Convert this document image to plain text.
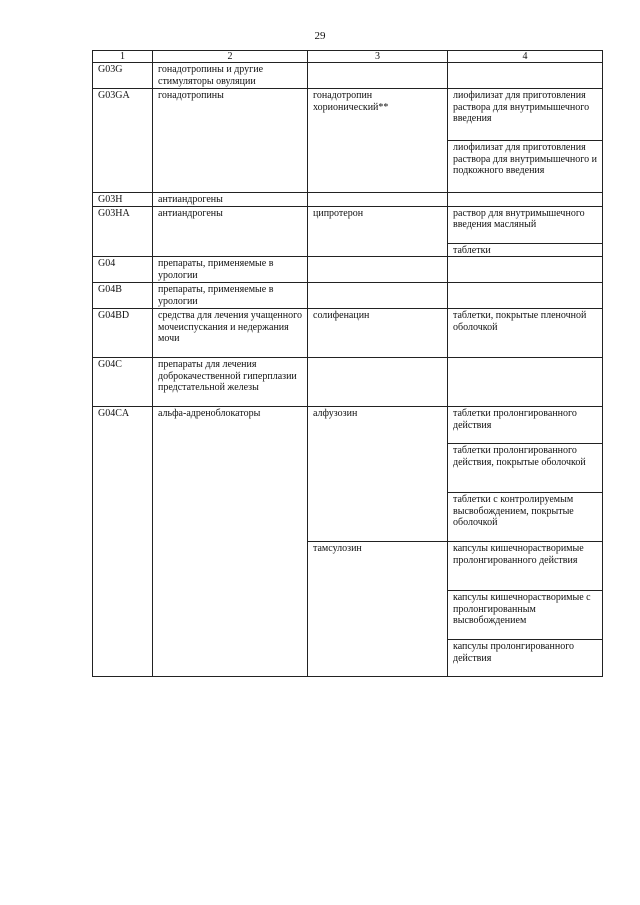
29
1	2	3	4
G03G	гонадотропины и другие стимуляторы овуляции		
G03GA	гонадотропины	гонадотропин хорионический**	лиофилизат для приготовления раствора для внутримышечного введения
			лиофилизат для приготовления раствора для внутримышечного и подкожного введения
G03H	антиандрогены		
G03HA	антиандрогены	ципротерон	раствор для внутримышечного введения масляный
			таблетки
G04	препараты, применяемые в урологии		
G04B	препараты, применяемые в урологии		
G04BD	средства для лечения учащенного мочеиспускания и недержания мочи	солифенацин	таблетки, покрытые пленочной оболочкой
G04C	препараты для лечения доброкачественной гиперплазии предстательной железы		
G04CA	альфа-адреноблокаторы	алфузозин	таблетки пролонгированного действия
			таблетки пролонгированного действия, покрытые оболочкой
			таблетки с контролируемым высвобождением, покрытые оболочкой
		тамсулозин	капсулы кишечнорастворимые пролонгированного действия
			капсулы кишечнорастворимые с пролонгированным высвобождением
			капсулы пролонгированного действия
